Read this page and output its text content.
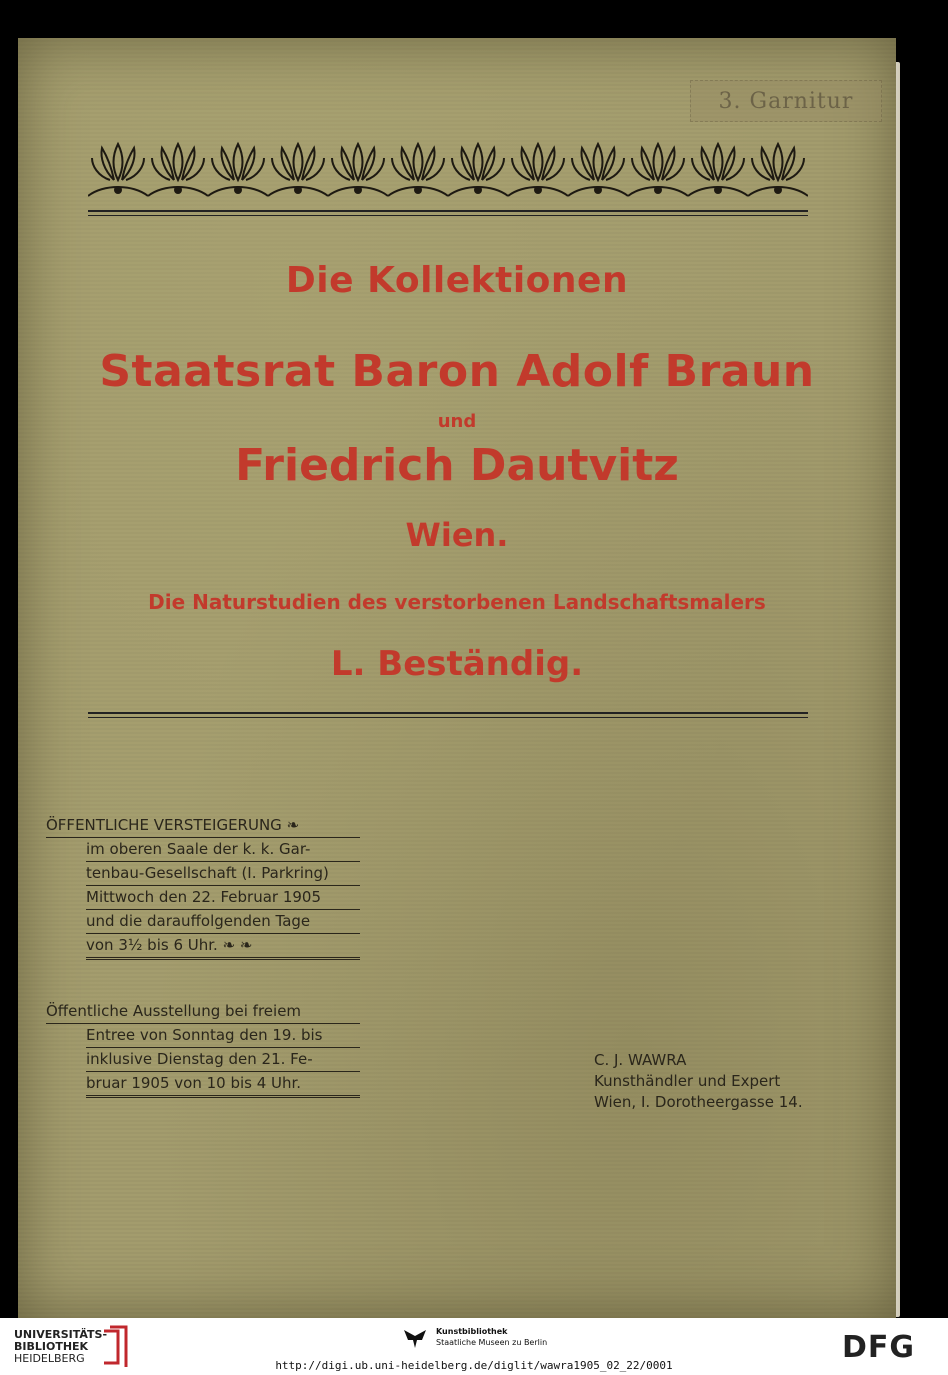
3. Garnitur
Die Kollektionen
Staatsrat Baron Adolf Braun
und
Friedrich Dautvitz
Wien.
Die Naturstudien des verstorbenen Landschaftsmalers
L. Beständig.
ÖFFENTLICHE VERSTEIGERUNG ❧
im oberen Saale der k. k. Gar-
tenbau-Gesellschaft (I. Parkring)
Mittwoch den 22. Februar 1905
und die darauffolgenden Tage
von 3½ bis 6 Uhr. ❧ ❧
Öffentliche Ausstellung bei freiem
Entree von Sonntag den 19. bis
inklusive Dienstag den 21. Fe-
bruar 1905 von 10 bis 4 Uhr.
C. J. WAWRA
Kunsthändler und Expert
Wien, I. Dorotheergasse 14.
UNIVERSITÄTS-
BIBLIOTHEK
HEIDELBERG
Kunstbibliothek
Staatliche Museen zu Berlin	DFG
http://digi.ub.uni-heidelberg.de/diglit/wawra1905_02_22/0001
